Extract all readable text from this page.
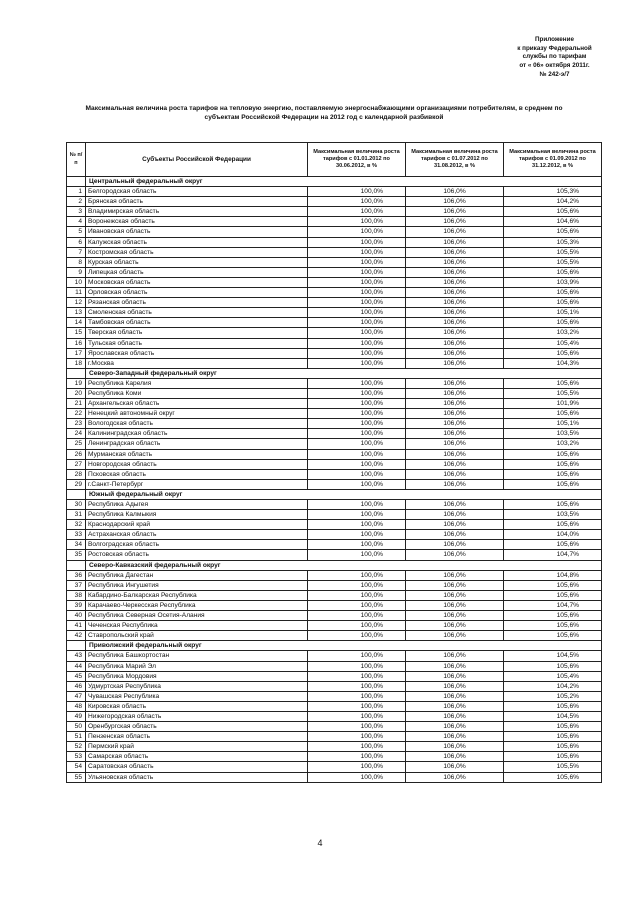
Приложение
к приказу Федеральной
службы по тарифам
от « 06» октября 2011г.
№ 242-э/7
Максимальная величина роста тарифов на тепловую энергию, поставляемую энергоснабжающими организациями потребителям, в среднем по субъектам Российской Федерации на 2012 год с календарной разбивкой
№ п/п	Субъекты Российской Федерации	Максимальная величина роста тарифов с 01.01.2012 по 30.06.2012, в %	Максимальная величина роста тарифов с 01.07.2012 по 31.08.2012, в %	Максимальная величина роста тарифов с 01.09.2012 по 31.12.2012, в %
	Центральный федеральный округ			
1	Белгородская область	100,0%	106,0%	105,3%
2	Брянская область	100,0%	106,0%	104,2%
3	Владимирская область	100,0%	106,0%	105,6%
4	Воронежская область	100,0%	106,0%	104,6%
5	Ивановская область	100,0%	106,0%	105,6%
6	Калужская область	100,0%	106,0%	105,3%
7	Костромская область	100,0%	106,0%	105,5%
8	Курская область	100,0%	106,0%	105,5%
9	Липецкая область	100,0%	106,0%	105,6%
10	Московская область	100,0%	106,0%	103,9%
11	Орловская область	100,0%	106,0%	105,6%
12	Рязанская область	100,0%	106,0%	105,6%
13	Смоленская область	100,0%	106,0%	105,1%
14	Тамбовская область	100,0%	106,0%	105,6%
15	Тверская область	100,0%	106,0%	103,2%
16	Тульская область	100,0%	106,0%	105,4%
17	Ярославская область	100,0%	106,0%	105,6%
18	г.Москва	100,0%	106,0%	104,3%
	Северо-Западный федеральный округ			
19	Республика Карелия	100,0%	106,0%	105,6%
20	Республика Коми	100,0%	106,0%	105,5%
21	Архангельская область	100,0%	106,0%	101,9%
22	Ненецкий автономный округ	100,0%	106,0%	105,6%
23	Вологодская область	100,0%	106,0%	105,1%
24	Калининградская область	100,0%	106,0%	103,5%
25	Ленинградская область	100,0%	106,0%	103,2%
26	Мурманская область	100,0%	106,0%	105,6%
27	Новгородская область	100,0%	106,0%	105,6%
28	Псковская область	100,0%	106,0%	105,6%
29	г.Санкт-Петербург	100,0%	106,0%	105,6%
	Южный федеральный округ			
30	Республика Адыгея	100,0%	106,0%	105,6%
31	Республика Калмыкия	100,0%	106,0%	103,5%
32	Краснодарский край	100,0%	106,0%	105,6%
33	Астраханская область	100,0%	106,0%	104,0%
34	Волгоградская область	100,0%	106,0%	105,6%
35	Ростовская область	100,0%	106,0%	104,7%
	Северо-Кавказский федеральный округ			
36	Республика Дагестан	100,0%	106,0%	104,8%
37	Республика Ингушетия	100,0%	106,0%	105,6%
38	Кабардино-Балкарская Республика	100,0%	106,0%	105,6%
39	Карачаево-Черкесская Республика	100,0%	106,0%	104,7%
40	Республика Северная Осетия-Алания	100,0%	106,0%	105,6%
41	Чеченская Республика	100,0%	106,0%	105,6%
42	Ставропольский край	100,0%	106,0%	105,6%
	Приволжский федеральный округ			
43	Республика Башкортостан	100,0%	106,0%	104,5%
44	Республика Марий Эл	100,0%	106,0%	105,6%
45	Республика Мордовия	100,0%	106,0%	105,4%
46	Удмуртская Республика	100,0%	106,0%	104,2%
47	Чувашская Республика	100,0%	106,0%	105,2%
48	Кировская область	100,0%	106,0%	105,6%
49	Нижегородская область	100,0%	106,0%	104,5%
50	Оренбургская область	100,0%	106,0%	105,6%
51	Пензенская область	100,0%	106,0%	105,6%
52	Пермский край	100,0%	106,0%	105,6%
53	Самарская область	100,0%	106,0%	105,6%
54	Саратовская область	100,0%	106,0%	105,5%
55	Ульяновская область	100,0%	106,0%	105,6%
4
